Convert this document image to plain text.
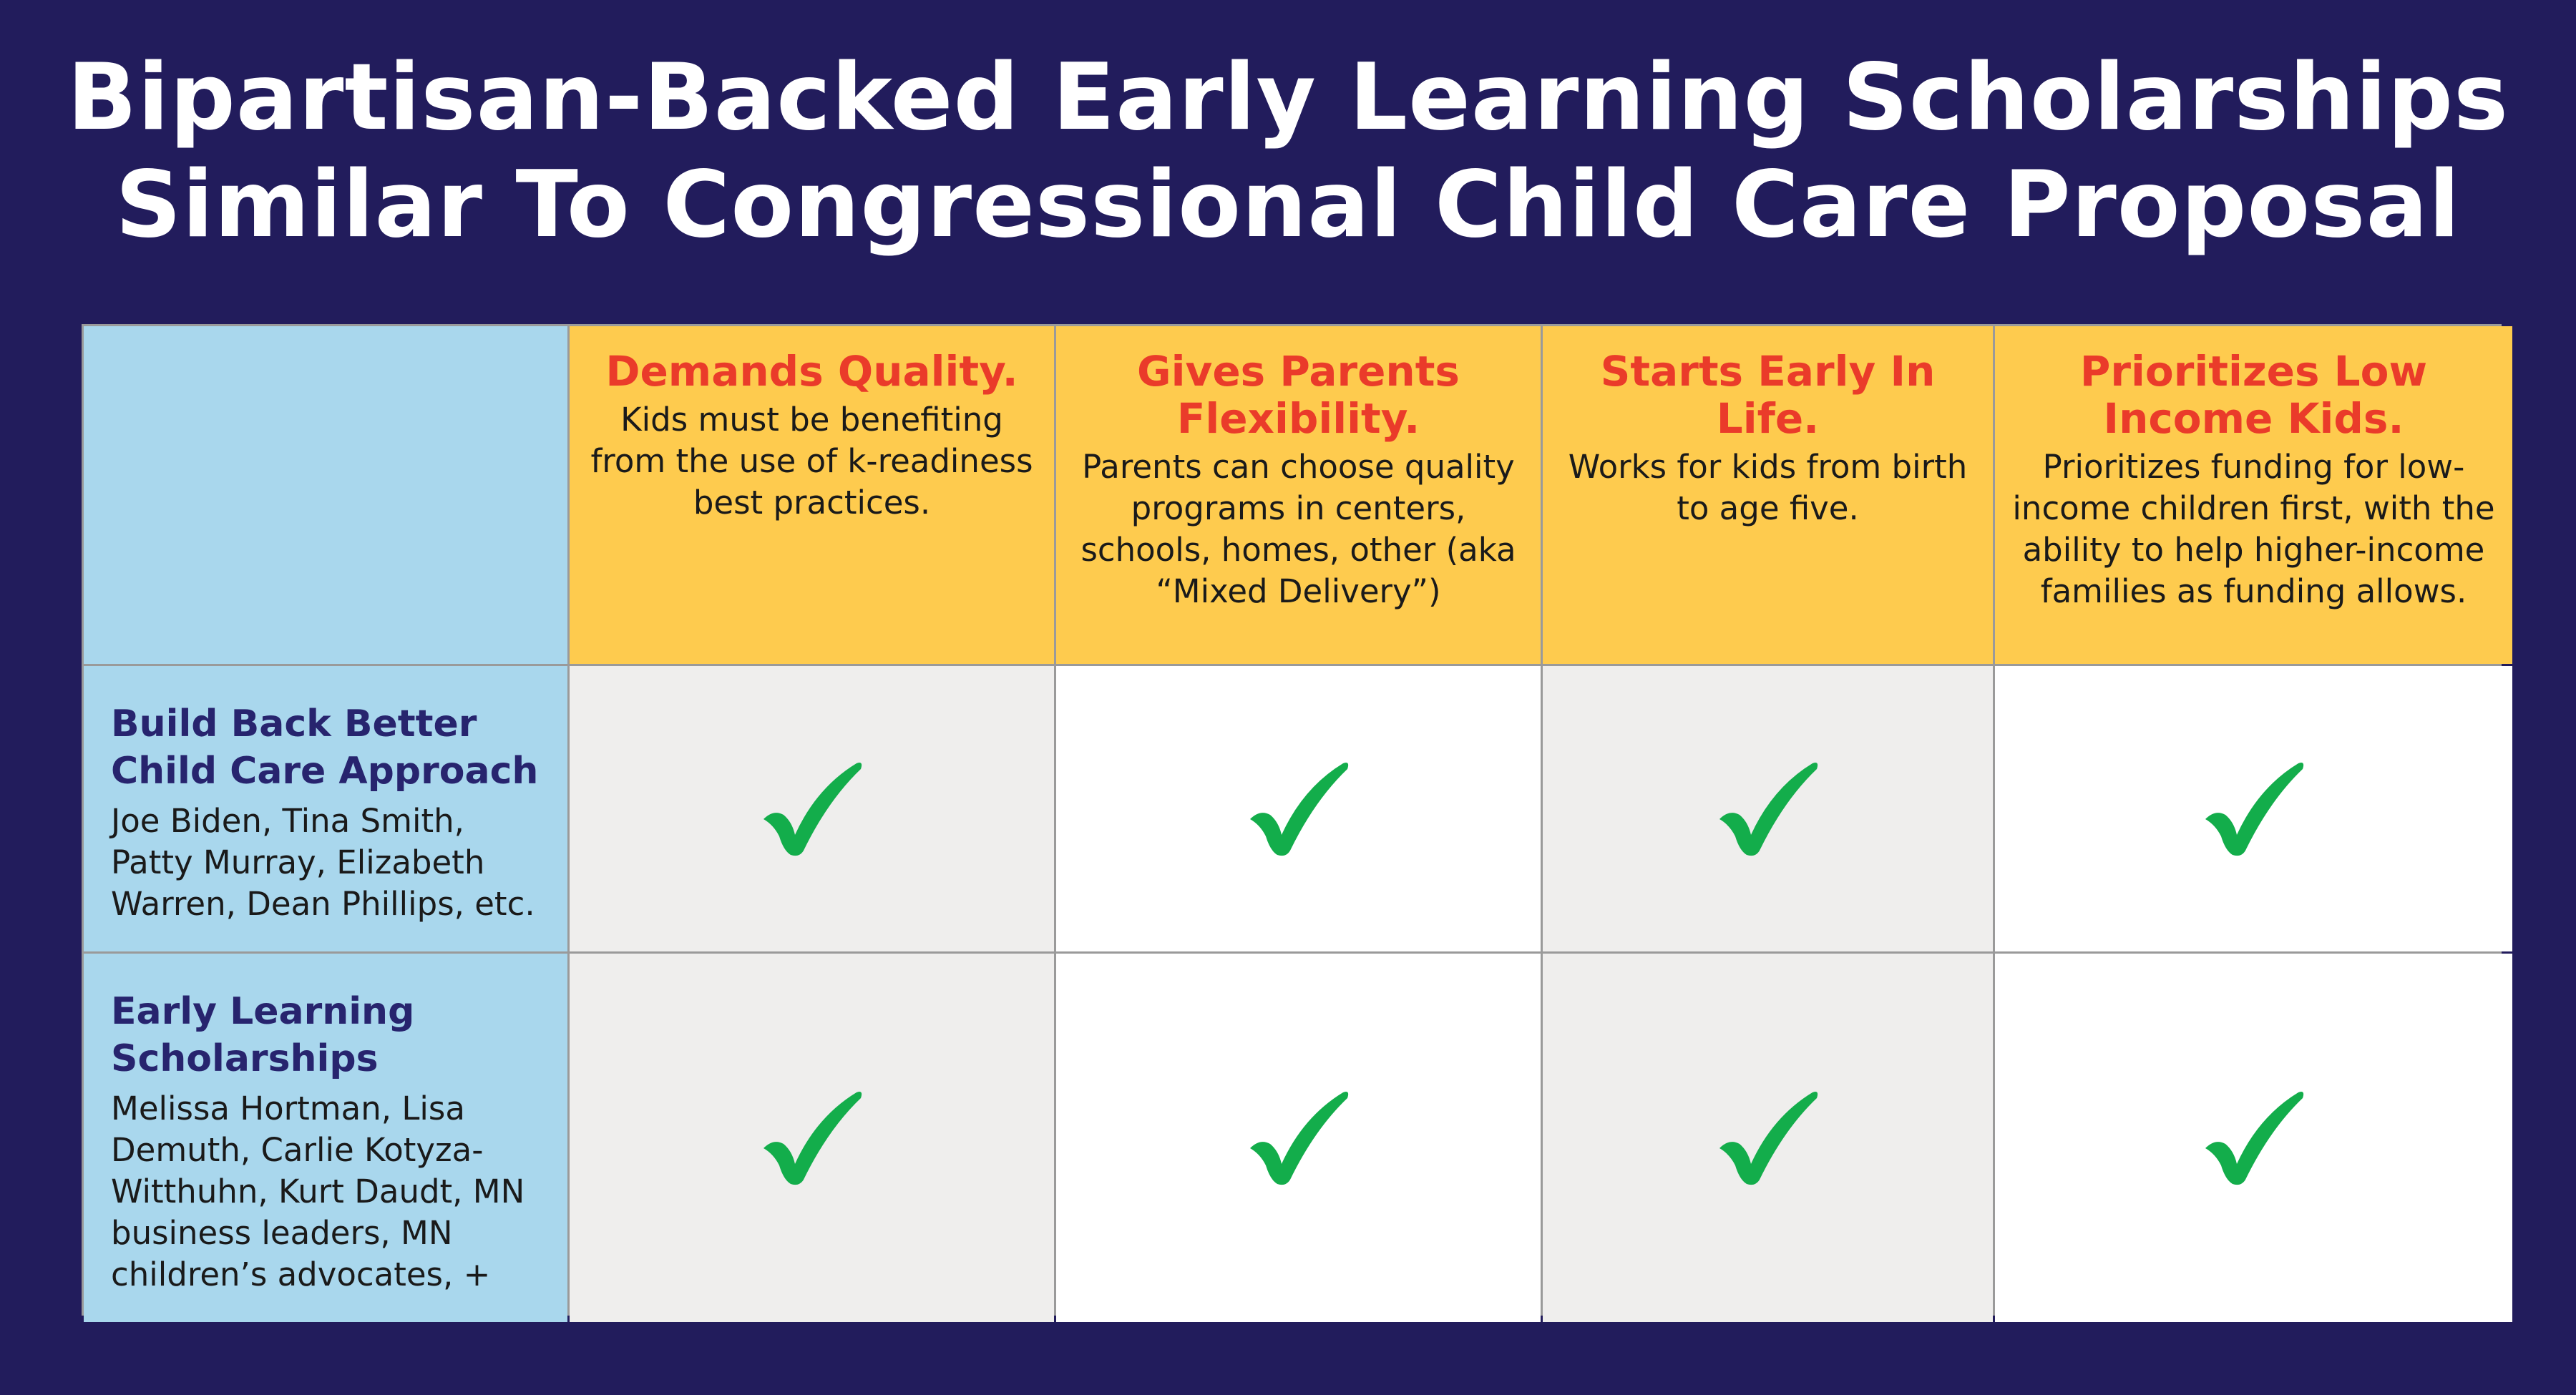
Bipartisan-Backed Early Learning Scholarships
Similar To Congressional Child Care Proposal
Demands Quality.
Kids must be benefiting from the use of k-readiness best practices.
Gives Parents Flexibility.
Parents can choose quality programs in centers, schools, homes, other (aka “Mixed Delivery”)
Starts Early In Life.
Works for kids from birth to age five.
Prioritizes Low Income Kids.
Prioritizes funding for low-income children first, with the ability to help higher-income families as funding allows.
Build Back Better Child Care Approach
Joe Biden, Tina Smith, Patty Murray, Elizabeth Warren, Dean Phillips, etc.
Early Learning Scholarships
Melissa Hortman, Lisa Demuth, Carlie Kotyza-Witthuhn, Kurt Daudt, MN business leaders, MN children’s advocates, +
